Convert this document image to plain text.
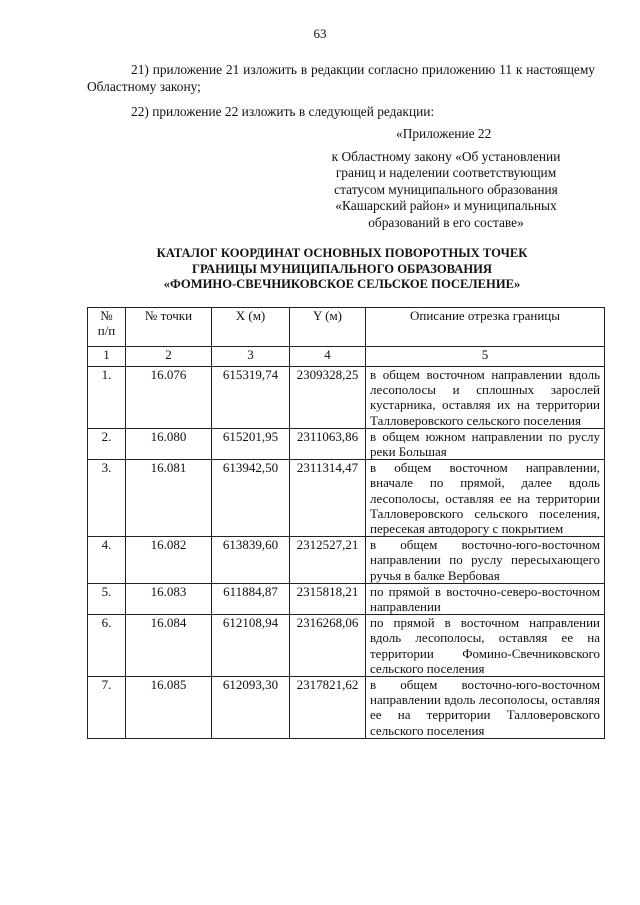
63
21) приложение 21 изложить в редакции согласно приложению 11 к настоящему Областному закону;
22) приложение 22 изложить в следующей редакции:
«Приложение 22
к Областному закону «Об установлении
границ и наделении соответствующим
статусом муниципального образования
«Кашарский район» и муниципальных
образований в его составе»
КАТАЛОГ КООРДИНАТ ОСНОВНЫХ ПОВОРОТНЫХ ТОЧЕК
ГРАНИЦЫ МУНИЦИПАЛЬНОГО ОБРАЗОВАНИЯ
«ФОМИНО-СВЕЧНИКОВСКОЕ СЕЛЬСКОЕ ПОСЕЛЕНИЕ»
№
п/п	№ точки	X (м)	Y (м)	Описание отрезка границы
1	2	3	4	5
1.	16.076	615319,74	2309328,25	в общем восточном направлении вдоль лесополосы и сплошных зарослей кустарника, оставляя их на территории Талловеровского сельского поселения
2.	16.080	615201,95	2311063,86	в общем южном направлении по руслу реки Большая
3.	16.081	613942,50	2311314,47	в общем восточном направлении, вначале по прямой, далее вдоль лесополосы, оставляя ее на территории Талловеровского сельского поселения, пересекая автодорогу с покрытием
4.	16.082	613839,60	2312527,21	в общем восточно-юго-восточном направлении по руслу пересыхающего ручья в балке Вербовая
5.	16.083	611884,87	2315818,21	по прямой в восточно-северо-восточном направлении
6.	16.084	612108,94	2316268,06	по прямой в восточном направлении вдоль лесополосы, оставляя ее на территории Фомино-Свечниковского сельского поселения
7.	16.085	612093,30	2317821,62	в общем восточно-юго-восточном направлении вдоль лесополосы, оставляя ее на территории Талловеровского сельского поселения
